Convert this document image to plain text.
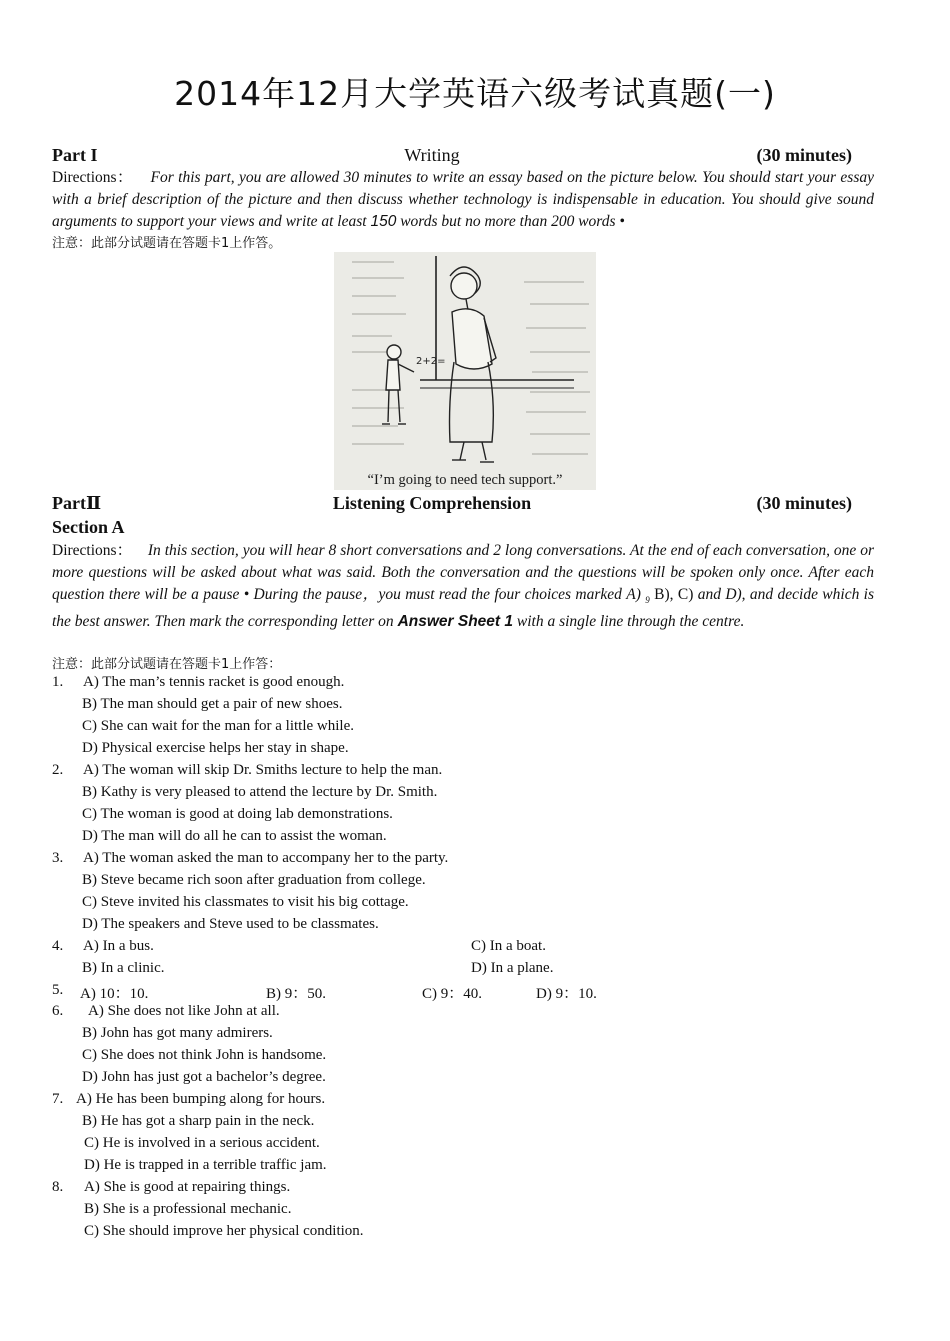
2014年12月大学英语六级考试真题(一)
Part I	Writing	(30 minutes)
Directions： For this part, you are allowed 30 minutes to write an essay based on the picture below. You should start your essay with a brief description of the picture and then discuss whether technology is indispensable in education. You should give sound arguments to support your views and write at least 150 words but no more than 200 words •
注意：此部分试题请在答题卡1上作答。
2+2=
“I’m going to need tech support.”
PartⅡ	Listening Comprehension	(30 minutes)
Section A
Directions： In this section, you will hear 8 short conversations and 2 long conversations. At the end of each conversation, one or more questions will be asked about what was said. Both the conversation and the questions will be spoken only once. After each question there will be a pause • During the pause，you must read the four choices marked A) $_9$ B), C) and D), and decide which is the best answer. Then mark the corresponding letter on Answer Sheet 1 with a single line through the centre.
注意：此部分试题请在答题卡1上作答：
1. A) The man’s tennis racket is good enough.
B) The man should get a pair of new shoes.
C) She can wait for the man for a little while.
D) Physical exercise helps her stay in shape.
2. A) The woman will skip Dr. Smiths lecture to help the man.
B) Kathy is very pleased to attend the lecture by Dr. Smith.
C) The woman is good at doing lab demonstrations.
D) The man will do all he can to assist the woman.
3. A) The woman asked the man to accompany her to the party.
B) Steve became rich soon after graduation from college.
C) Steve invited his classmates to visit his big cottage.
D) The speakers and Steve used to be classmates.
4. A) In a bus.	C) In a boat.
B) In a clinic.	D) In a plane.
5. A) 10：10.	B) 9：50.	C) 9：40.	D) 9：10.
6. A) She does not like John at all.
B) John has got many admirers.
C) She does not think John is handsome.
D) John has just got a bachelor’s degree.
7. A) He has been bumping along for hours.
B) He has got a sharp pain in the neck.
C) He is involved in a serious accident.
D) He is trapped in a terrible traffic jam.
8. A) She is good at repairing things.
B) She is a professional mechanic.
C) She should improve her physical condition.
